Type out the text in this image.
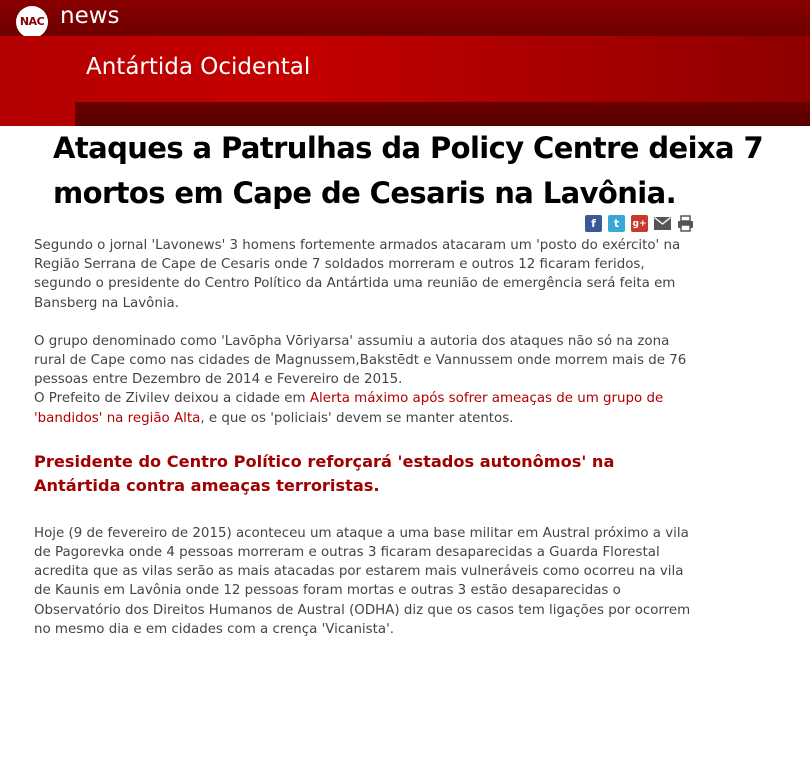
NAC news
Antártida Ocidental
Ataques a Patrulhas da Policy Centre deixa 7 mortos em Cape de Cesaris na Lavônia.
f	t	g+

Segundo o jornal 'Lavonews' 3 homens fortemente armados atacaram um 'posto do exército' na Região Serrana de Cape de Cesaris onde 7 soldados morreram e outros 12 ficaram feridos, segundo o presidente do Centro Político da Antártida uma reunião de emergência será feita em Bansberg na Lavônia.

O grupo denominado como 'Lavōpha Vōriyarsa' assumiu a autoria dos ataques não só na zona rural de Cape como nas cidades de Magnussem,Bakstēdt e Vannussem onde morrem mais de 76 pessoas entre Dezembro de 2014 e Fevereiro de 2015.

O Prefeito de Zivilev deixou a cidade em Alerta máximo após sofrer ameaças de um grupo de 'bandidos' na região Alta, e que os 'policiais' devem se manter atentos.

Presidente do Centro Político reforçará 'estados autonômos' na Antártida contra ameaças terroristas.

Hoje (9 de fevereiro de 2015) aconteceu um ataque a uma base militar em Austral próximo a vila de Pagorevka onde 4 pessoas morreram e outras 3 ficaram desaparecidas a Guarda Florestal acredita que as vilas serão as mais atacadas por estarem mais vulneráveis como ocorreu na vila de Kaunis em Lavônia onde 12 pessoas foram mortas e outras 3 estão desaparecidas o Observatório dos Direitos Humanos de Austral (ODHA) diz que os casos tem ligações por ocorrem no mesmo dia e em cidades com a crença 'Vicanista'.
